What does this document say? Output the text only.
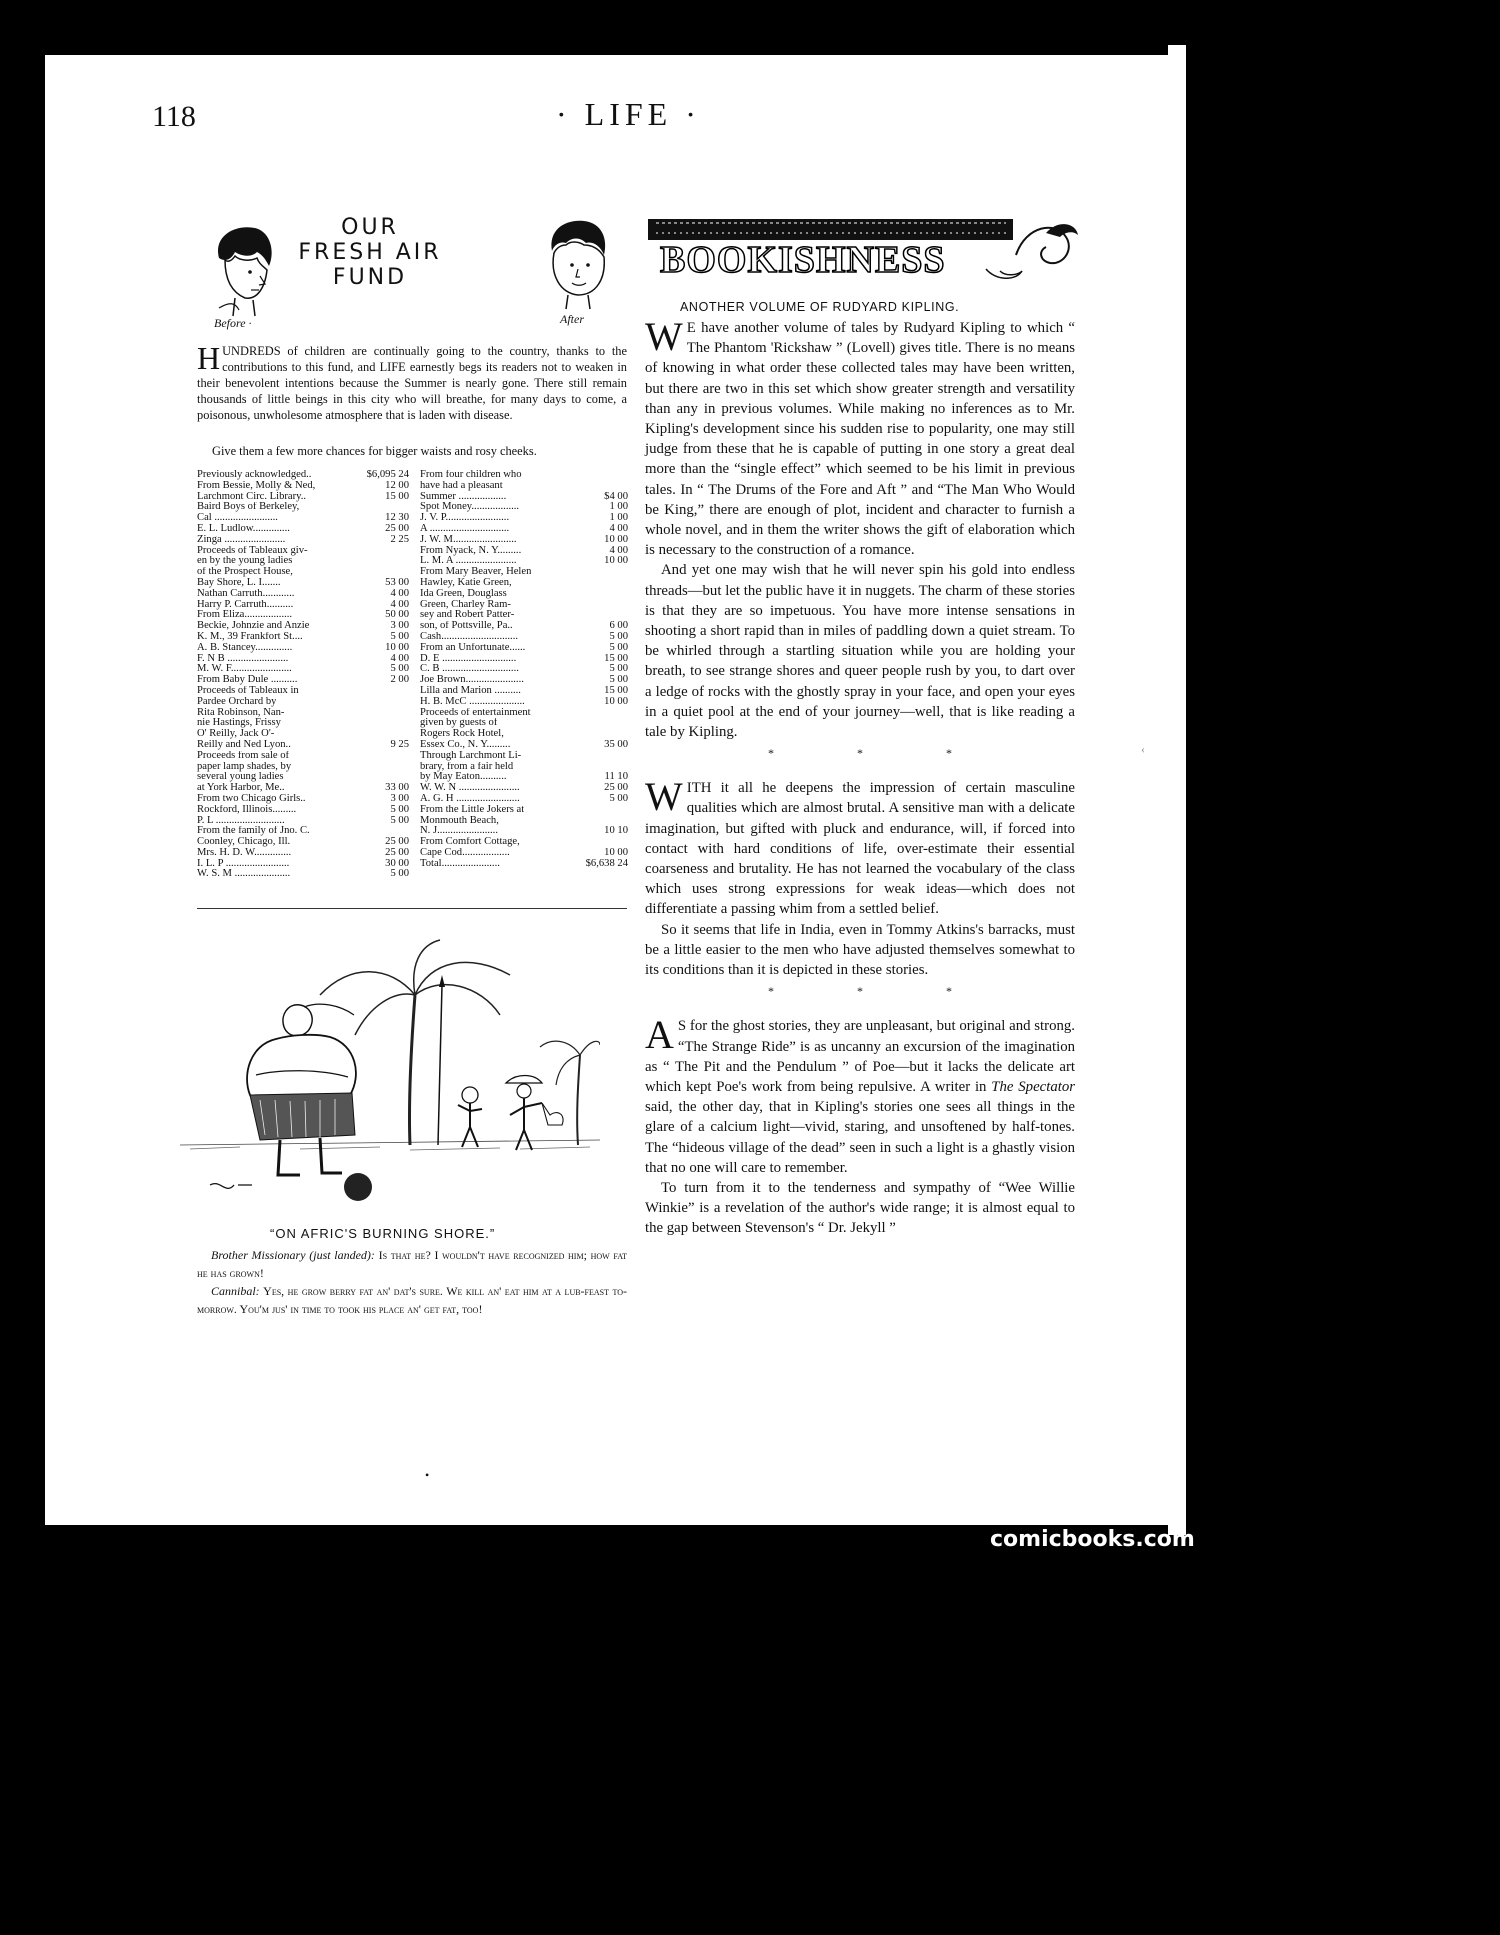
118	· LIFE ·
Before ·
OUR
FRESH AIR
FUND
After
H UNDREDS of children are continually going to the country, thanks to the contributions to this fund, and LIFE earnestly begs its readers not to weaken in their benevolent intentions because the Summer is nearly gone. There still remain thousands of little beings in this city who will breathe, for many days to come, a poisonous, unwholesome atmosphere that is laden with disease.

Give them a few more chances for bigger waists and rosy cheeks.
Previously acknowledged..	$6,095 24
From Bessie, Molly & Ned,	12 00
Larchmont Circ. Library..	15 00
Baird Boys of Berkeley,
Cal ........................	12 30
E. L. Ludlow..............	25 00
Zinga .......................	2 25
Proceeds of Tableaux giv-
en by the young ladies
of the Prospect House,
Bay Shore, L. I.......	53 00
Nathan Carruth............	4 00
Harry P. Carruth..........	4 00
From Eliza..................	50 00
Beckie, Johnzie and Anzie	3 00
K. M., 39 Frankfort St....	5 00
A. B. Stancey..............	10 00
F. N B .......................	4 00
M. W. F.......................	5 00
From Baby Dule ..........	2 00
Proceeds of Tableaux in
Pardee Orchard by
Rita Robinson, Nan-
nie Hastings, Frissy
O' Reilly, Jack O'-
Reilly and Ned Lyon..	9 25
Proceeds from sale of
paper lamp shades, by
several young ladies
at York Harbor, Me..	33 00
From two Chicago Girls..	3 00
Rockford, Illinois.........	5 00
P. L ..........................	5 00
From the family of Jno. C.
Coonley, Chicago, Ill.	25 00
Mrs. H. D. W..............	25 00
I. L. P ........................	30 00
W. S. M .....................	5 00
From four children who
have had a pleasant
Summer ..................	$4 00
Spot Money..................	1 00
J. V. P........................	1 00
A ..............................	4 00
J. W. M........................	10 00
From Nyack, N. Y.........	4 00
L. M. A .......................	10 00
From Mary Beaver, Helen
Hawley, Katie Green,
Ida Green, Douglass
Green, Charley Ram-
sey and Robert Patter-
son, of Pottsville, Pa..	6 00
Cash.............................	5 00
From an Unfortunate......	5 00
D. E ............................	15 00
C. B .............................	5 00
Joe Brown......................	5 00
Lilla and Marion ..........	15 00
H. B. McC .....................	10 00
Proceeds of entertainment
given by guests of
Rogers Rock Hotel,
Essex Co., N. Y.........	35 00
Through Larchmont Li-
brary, from a fair held
by May Eaton..........	11 10
W. W. N .......................	25 00
A. G. H ........................	5 00
From the Little Jokers at
Monmouth Beach,
N. J.......................	10 10
From Comfort Cottage,
Cape Cod..................	10 00
Total......................	$6,638 24
“ON AFRIC'S BURNING SHORE.”

Brother Missionary (just landed): Is that he? I wouldn't have recognized him; how fat he has grown!

Cannibal: Yes, he grow berry fat an' dat's sure. We kill an' eat him at a lub-feast to-morrow. You'm jus' in time to took his place an' get fat, too!

BOOKISHNESS
ANOTHER VOLUME OF RUDYARD KIPLING.
W E have another volume of tales by Rudyard Kipling to which “ The Phantom 'Rickshaw ” (Lovell) gives title. There is no means of knowing in what order these collected tales may have been written, but there are two in this set which show greater strength and versatility than any in previous volumes. While making no inferences as to Mr. Kipling's development since his sudden rise to popularity, one may still judge from these that he is capable of putting in one story a great deal more than the “single effect” which seemed to be his limit in previous tales. In “ The Drums of the Fore and Aft ” and “The Man Who Would be King,” there are enough of plot, incident and character to furnish a whole novel, and in them the writer shows the gift of elaboration which is necessary to the construction of a romance.
And yet one may wish that he will never spin his gold into endless threads—but let the public have it in nuggets. The charm of these stories is that they are so impetuous. You have more intense sensations in shooting a short rapid than in miles of paddling down a quiet stream. To be whirled through a startling situation while you are holding your breath, to see strange shores and queer people rush by you, to dart over a ledge of rocks with the ghostly spray in your face, and open your eyes in a quiet pool at the end of your journey—well, that is like reading a tale by Kipling.
* * *
WITH it all he deepens the impression of certain masculine qualities which are almost brutal. A sensitive man with a delicate imagination, but gifted with pluck and endurance, will, if forced into contact with hard conditions of life, over-estimate their essential coarseness and brutality. He has not learned the vocabulary of the class which uses strong expressions for weak ideas—which does not differentiate a passing whim from a settled belief.
So it seems that life in India, even in Tommy Atkins's barracks, must be a little easier to the men who have adjusted themselves somewhat to its conditions than it is depicted in these stories.
* * *
A S for the ghost stories, they are unpleasant, but original and strong. “The Strange Ride” is as uncanny an excursion of the imagination as “ The Pit and the Pendulum ” of Poe—but it lacks the delicate art which kept Poe's work from being repulsive. A writer in The Spectator said, the other day, that in Kipling's stories one sees all things in the glare of a calcium light—vivid, staring, and unsoftened by half-tones. The “hideous village of the dead” seen in such a light is a ghastly vision that no one will care to remember.
To turn from it to the tenderness and sympathy of “Wee Willie Winkie” is a revelation of the author's wide range; it is almost equal to the gap between Stevenson's “ Dr. Jekyll ”
‹
•
comicbooks.com
